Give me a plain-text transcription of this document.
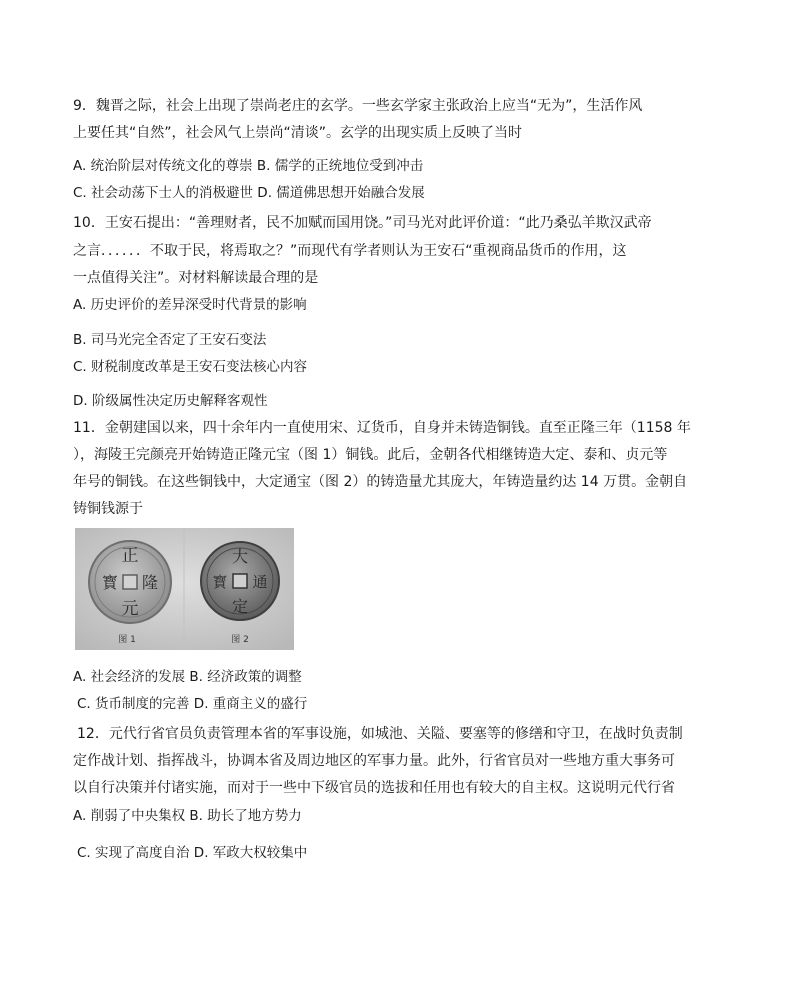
9．魏晋之际，社会上出现了崇尚老庄的玄学。一些玄学家主张政治上应当“无为”，生活作风
上要任其“自然”，社会风气上崇尚“清谈”。玄学的出现实质上反映了当时
A. 统治阶层对传统文化的尊崇 B. 儒学的正统地位受到冲击
C. 社会动荡下士人的消极避世 D. 儒道佛思想开始融合发展
10．王安石提出：“善理财者，民不加赋而国用饶。”司马光对此评价道：“此乃桑弘羊欺汉武帝
之言．．．．．．不取于民，将焉取之？”而现代有学者则认为王安石“重视商品货币的作用，这
一点值得关注”。对材料解读最合理的是
A. 历史评价的差异深受时代背景的影响
B. 司马光完全否定了王安石变法
C. 财税制度改革是王安石变法核心内容
D. 阶级属性决定历史解释客观性
11．金朝建国以来，四十余年内一直使用宋、辽货币，自身并未铸造铜钱。直至正隆三年（1158 年
），海陵王完颜亮开始铸造正隆元宝（图 1）铜钱。此后，金朝各代相继铸造大定、泰和、贞元等
年号的铜钱。在这些铜钱中，大定通宝（图 2）的铸造量尤其庞大，年铸造量约达 14 万贯。金朝自
铸铜钱源于
正
隆
元
寳
大
定
通
寳
图 1	图 2
A. 社会经济的发展 B. 经济政策的调整
C. 货币制度的完善 D. 重商主义的盛行
12．元代行省官员负责管理本省的军事设施，如城池、关隘、要塞等的修缮和守卫，在战时负责制
定作战计划、指挥战斗，协调本省及周边地区的军事力量。此外，行省官员对一些地方重大事务可
以自行决策并付诸实施，而对于一些中下级官员的选拔和任用也有较大的自主权。这说明元代行省
A. 削弱了中央集权 B. 助长了地方势力
C. 实现了高度自治 D. 军政大权较集中
